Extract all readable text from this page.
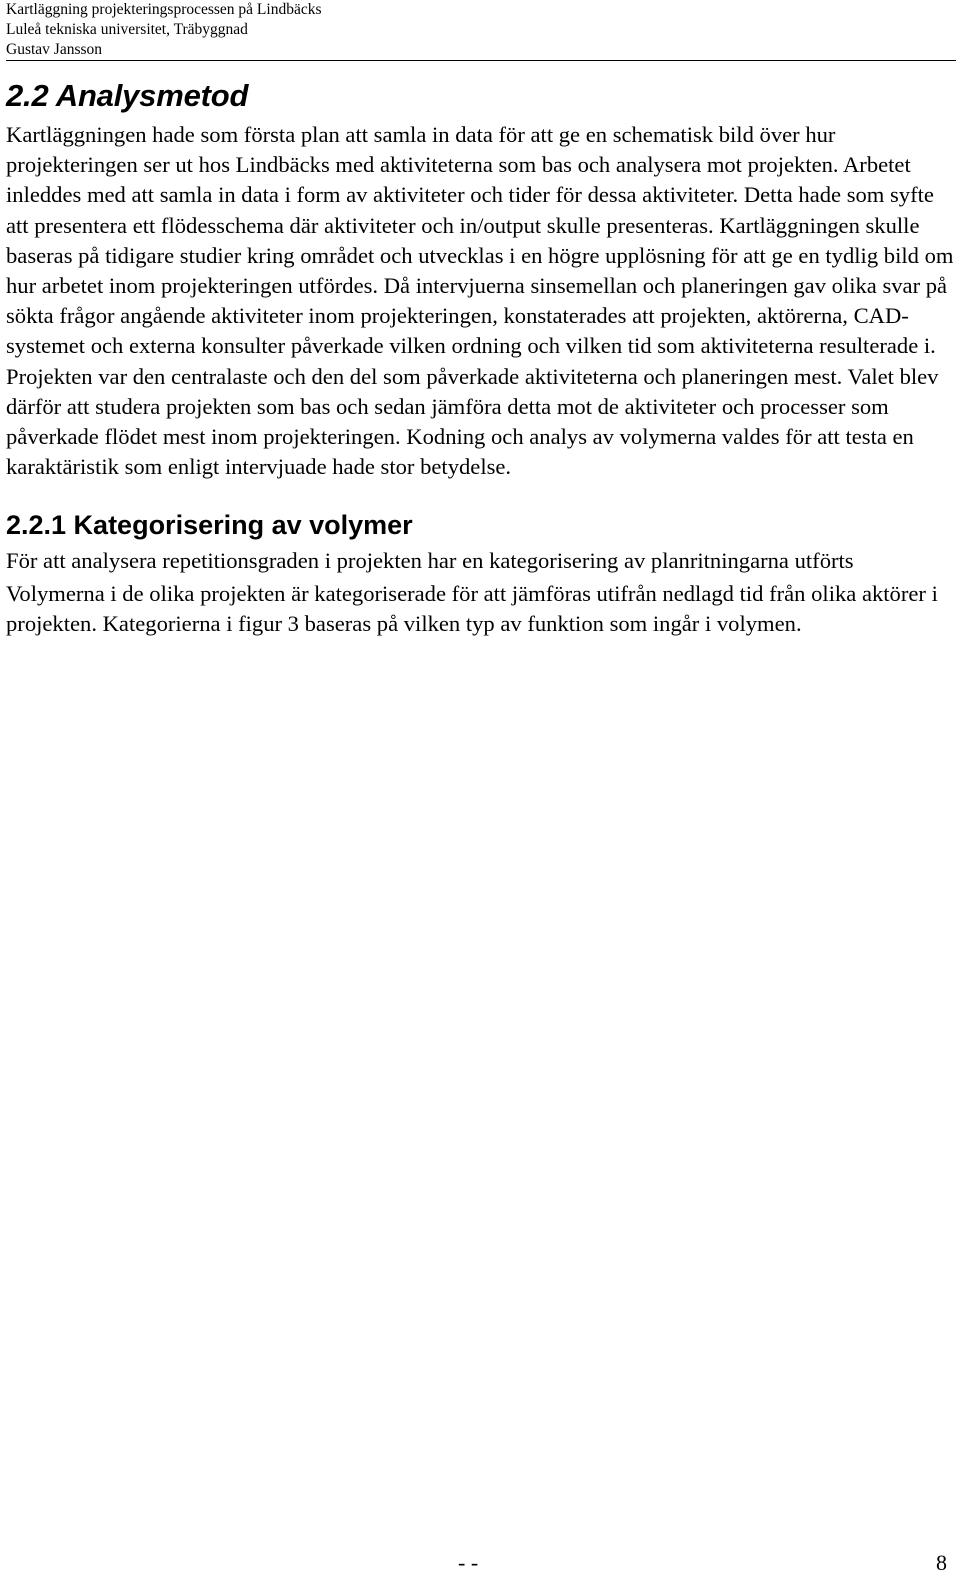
Kartläggning projekteringsprocessen på Lindbäcks
Luleå tekniska universitet, Träbyggnad
Gustav Jansson
2.2 Analysmetod

Kartläggningen hade som första plan att samla in data för att ge en schematisk bild över hur projekteringen ser ut hos Lindbäcks med aktiviteterna som bas och analysera mot projekten. Arbetet inleddes med att samla in data i form av aktiviteter och tider för dessa aktiviteter. Detta hade som syfte att presentera ett flödesschema där aktiviteter och in/output skulle presenteras. Kartläggningen skulle baseras på tidigare studier kring området och utvecklas i en högre upplösning för att ge en tydlig bild om hur arbetet inom projekteringen utfördes. Då intervjuerna sinsemellan och planeringen gav olika svar på sökta frågor angående aktiviteter inom projekteringen, konstaterades att projekten, aktörerna, CAD-systemet och externa konsulter påverkade vilken ordning och vilken tid som aktiviteterna resulterade i. Projekten var den centralaste och den del som påverkade aktiviteterna och planeringen mest. Valet blev därför att studera projekten som bas och sedan jämföra detta mot de aktiviteter och processer som påverkade flödet mest inom projekteringen. Kodning och analys av volymerna valdes för att testa en karaktäristik som enligt intervjuade hade stor betydelse.

2.2.1 Kategorisering av volymer

För att analysera repetitionsgraden i projekten har en kategorisering av planritningarna utförts

Volymerna i de olika projekten är kategoriserade för att jämföras utifrån nedlagd tid från olika aktörer i projekten. Kategorierna i figur 3 baseras på vilken typ av funktion som ingår i volymen.

- -	8
